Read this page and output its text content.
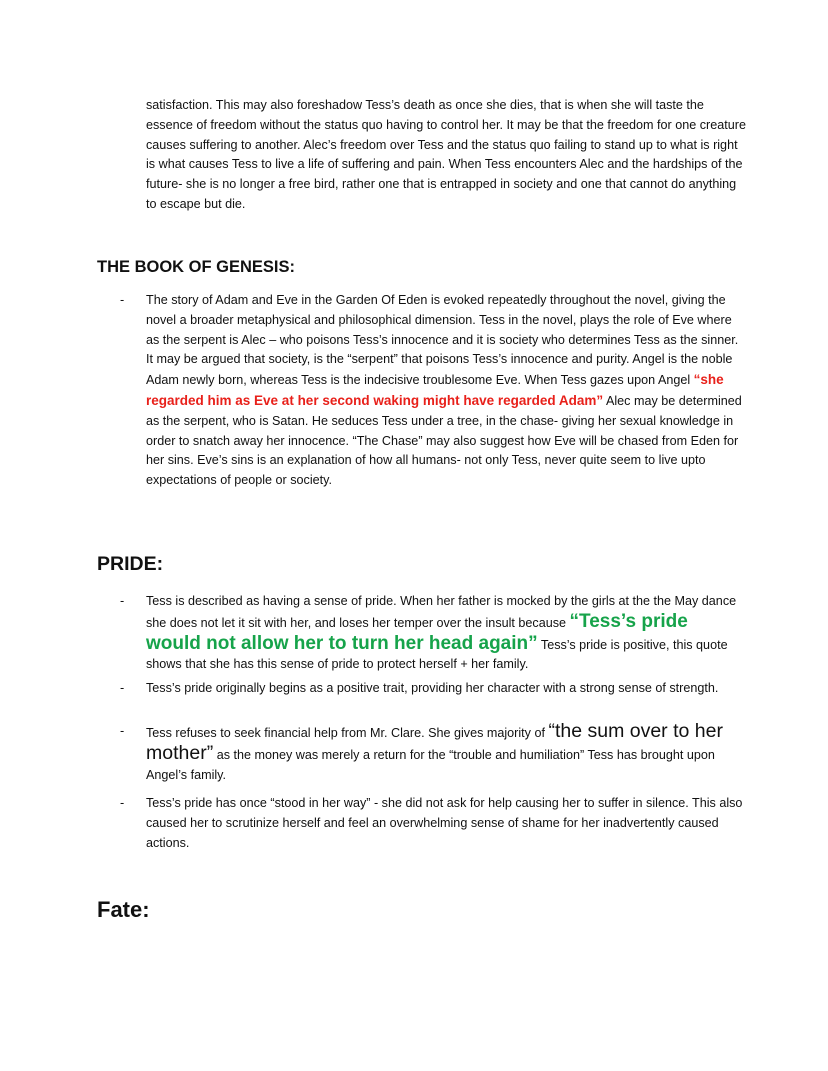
satisfaction. This may also foreshadow Tess’s death as once she dies, that is when she will taste the essence of freedom without the status quo having to control her. It may be that the freedom for one creature causes suffering to another. Alec’s freedom over Tess and the status quo failing to stand up to what is right is what causes Tess to live a life of suffering and pain. When Tess encounters Alec and the hardships of the future- she is no longer a free bird, rather one that is entrapped in society and one that cannot do anything to escape but die.

THE BOOK OF GENESIS:
- The story of Adam and Eve in the Garden Of Eden is evoked repeatedly throughout the novel, giving the novel a broader metaphysical and philosophical dimension. Tess in the novel, plays the role of Eve where as the serpent is Alec – who poisons Tess’s innocence and it is society who determines Tess as the sinner. It may be argued that society, is the “serpent” that poisons Tess’s innocence and purity. Angel is the noble Adam newly born, whereas Tess is the indecisive troublesome Eve. When Tess gazes upon Angel “she regarded him as Eve at her second waking might have regarded Adam” Alec may be determined as the serpent, who is Satan. He seduces Tess under a tree, in the chase- giving her sexual knowledge in order to snatch away her innocence. “The Chase” may also suggest how Eve will be chased from Eden for her sins. Eve’s sins is an explanation of how all humans- not only Tess, never quite seem to live upto expectations of people or society.

PRIDE:
- Tess is described as having a sense of pride. When her father is mocked by the girls at the the May dance she does not let it sit with her, and loses her temper over the insult because “Tess’s pride would not allow her to turn her head again” Tess’s pride is positive, this quote shows that she has this sense of pride to protect herself + her family.

- Tess’s pride originally begins as a positive trait, providing her character with a strong sense of strength.

- Tess refuses to seek financial help from Mr. Clare. She gives majority of “the sum over to her mother” as the money was merely a return for the “trouble and humiliation” Tess has brought upon Angel’s family.

- Tess’s pride has once “stood in her way” - she did not ask for help causing her to suffer in silence. This also caused her to scrutinize herself and feel an overwhelming sense of shame for her inadvertently caused actions.

Fate:
